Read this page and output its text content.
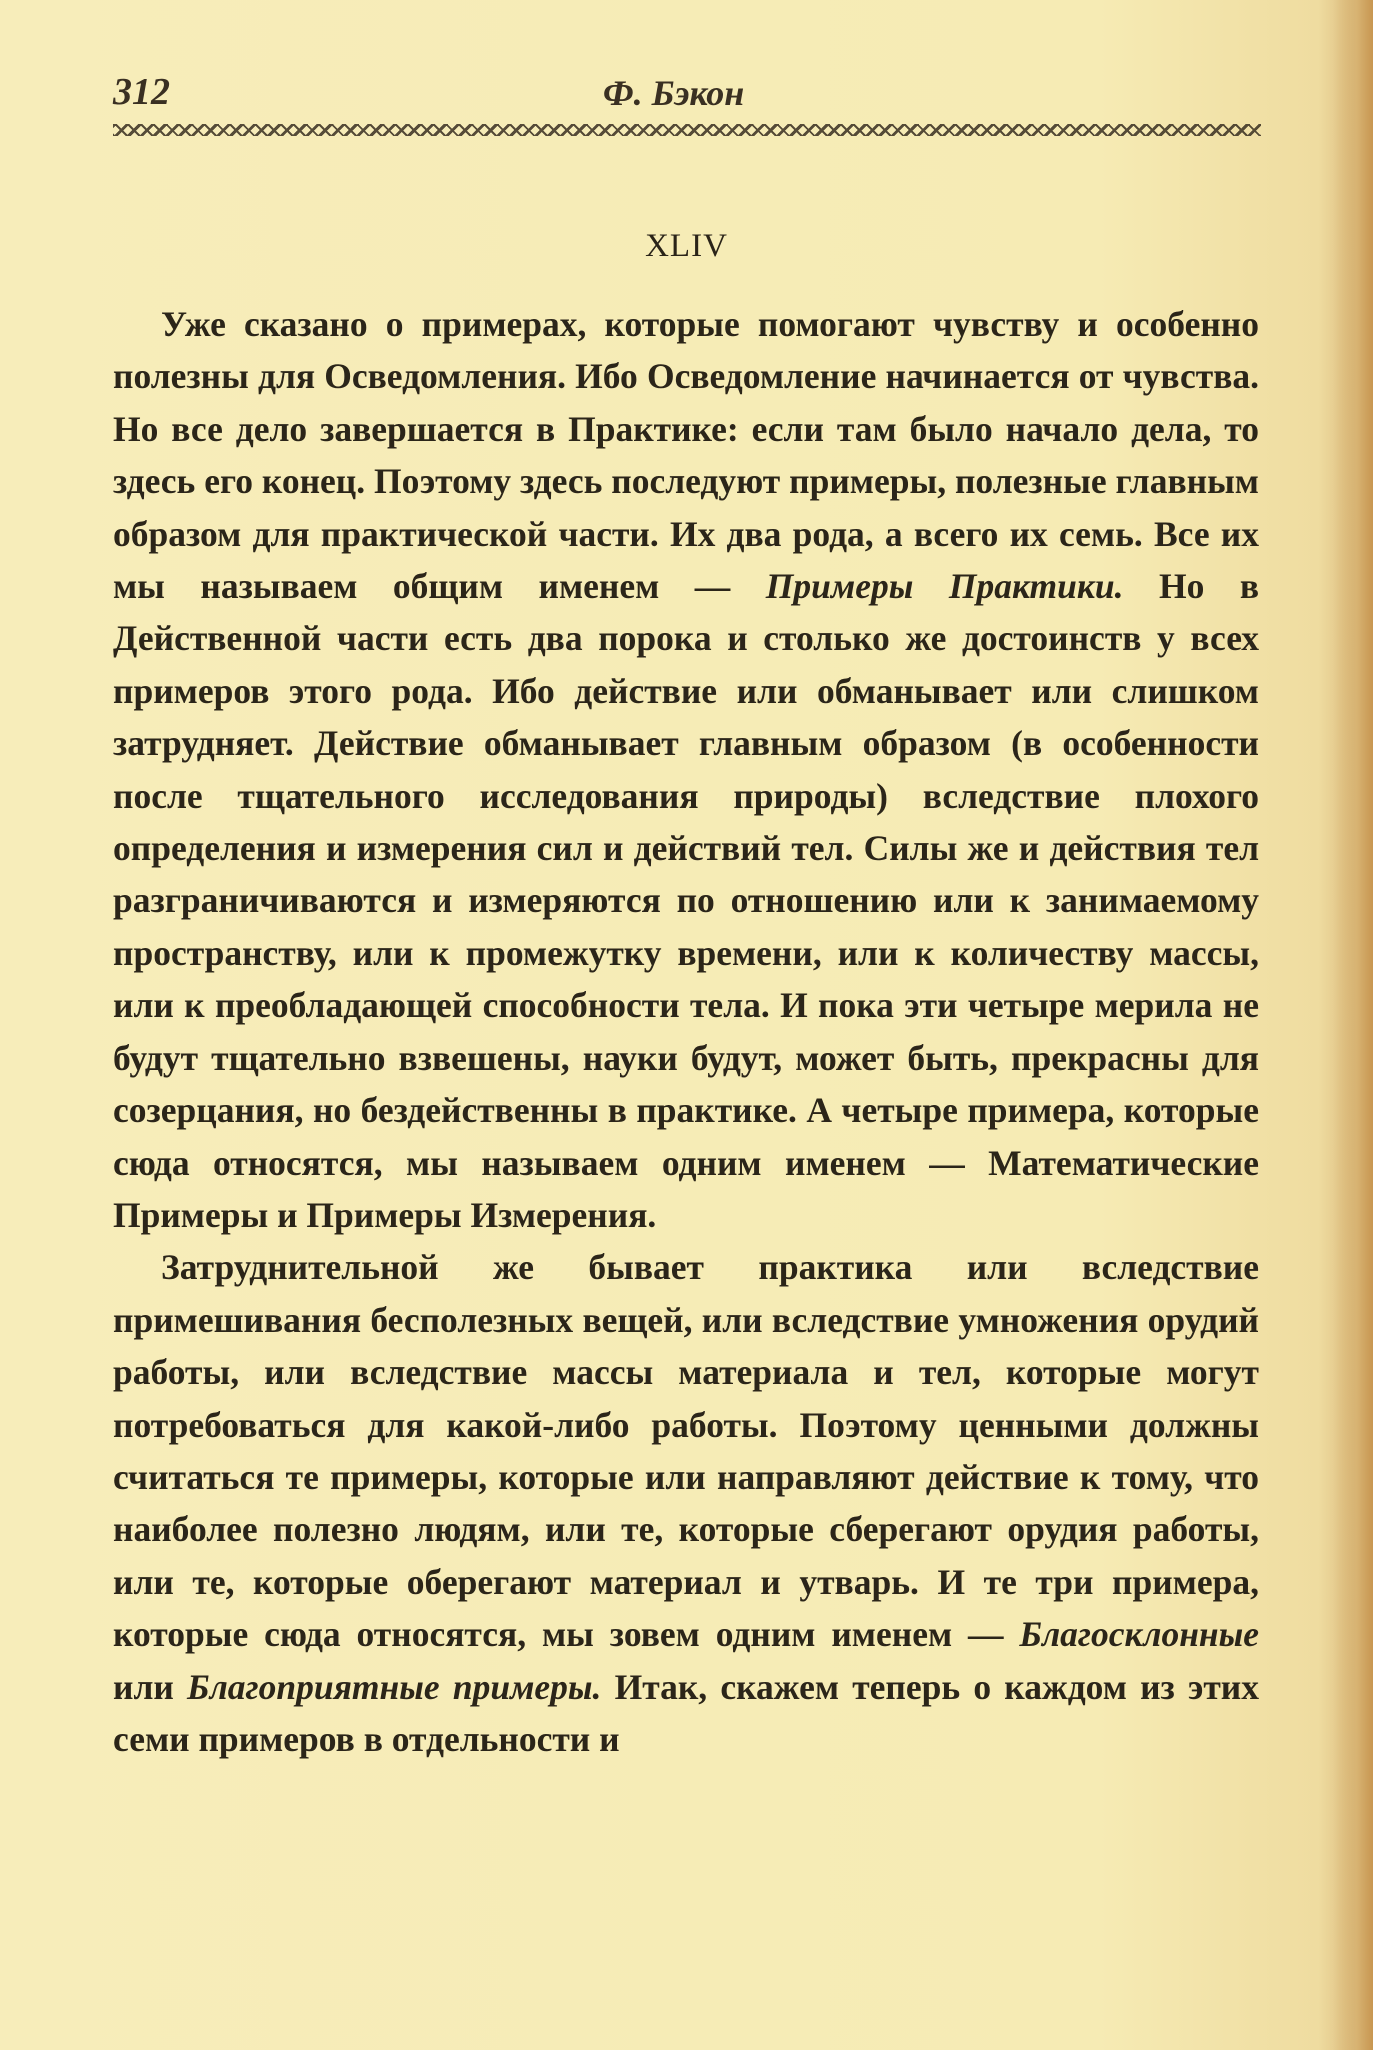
312	Ф. Бэкон
XLIV

Уже сказано о примерах, которые помогают чувству и особенно полезны для Осведомления. Ибо Осведомление начинается от чувства. Но все дело завершается в Практике: если там было начало дела, то здесь его конец. Поэтому здесь последуют примеры, полезные главным образом для практической части. Их два рода, а всего их семь. Все их мы называем общим именем — Примеры Практики. Но в Действенной части есть два порока и столько же достоинств у всех примеров этого рода. Ибо действие или обманывает или слишком затрудняет. Действие обманывает главным образом (в особенности после тщательного исследования природы) вследствие плохого определения и измерения сил и действий тел. Силы же и действия тел разграничиваются и измеряются по отношению или к занимаемому пространству, или к промежутку времени, или к количеству массы, или к преобладающей способности тела. И пока эти четыре мерила не будут тщательно взвешены, науки будут, может быть, прекрасны для созерцания, но бездейственны в практике. А четыре примера, которые сюда относятся, мы называем одним именем — Математические Примеры и Примеры Измерения.

Затруднительной же бывает практика или вследствие примешивания бесполезных вещей, или вследствие умножения орудий работы, или вследствие массы материала и тел, которые могут потребоваться для какой-либо работы. Поэтому ценными должны считаться те примеры, которые или направляют действие к тому, что наиболее полезно людям, или те, которые сберегают орудия работы, или те, которые оберегают материал и утварь. И те три примера, которые сюда относятся, мы зовем одним именем — Благосклонные или Благоприятные примеры. Итак, скажем теперь о каждом из этих семи примеров в отдельности и
